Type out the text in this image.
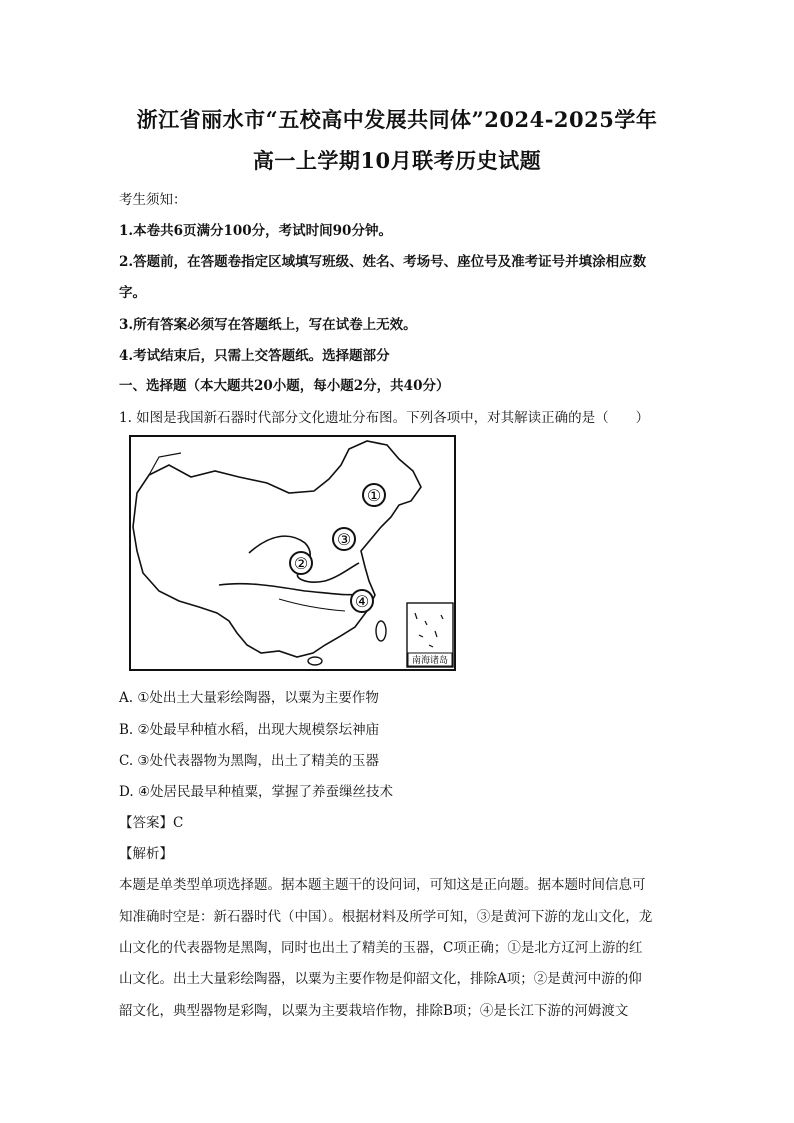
浙江省丽水市“五校高中发展共同体”2024-2025学年
高一上学期10月联考历史试题
考生须知：
1.本卷共6页满分100分，考试时间90分钟。
2.答题前，在答题卷指定区域填写班级、姓名、考场号、座位号及准考证号并填涂相应数
字。
3.所有答案必须写在答题纸上，写在试卷上无效。
4.考试结束后，只需上交答题纸。选择题部分
一、选择题（本大题共20小题，每小题2分，共40分）
1. 如图是我国新石器时代部分文化遗址分布图。下列各项中，对其解读正确的是（　　）
①
②
③
④
南海诸岛
A. ①处出土大量彩绘陶器，以粟为主要作物
B. ②处最早种植水稻，出现大规模祭坛神庙
C. ③处代表器物为黑陶，出土了精美的玉器
D. ④处居民最早种植粟，掌握了养蚕缫丝技术
【答案】C
【解析】
本题是单类型单项选择题。据本题主题干的设问词，可知这是正向题。据本题时间信息可
知准确时空是：新石器时代（中国）。根据材料及所学可知，③是黄河下游的龙山文化，龙
山文化的代表器物是黑陶，同时也出土了精美的玉器，C项正确；①是北方辽河上游的红
山文化。出土大量彩绘陶器，以粟为主要作物是仰韶文化，排除A项；②是黄河中游的仰
韶文化，典型器物是彩陶，以粟为主要栽培作物，排除B项；④是长江下游的河姆渡文
